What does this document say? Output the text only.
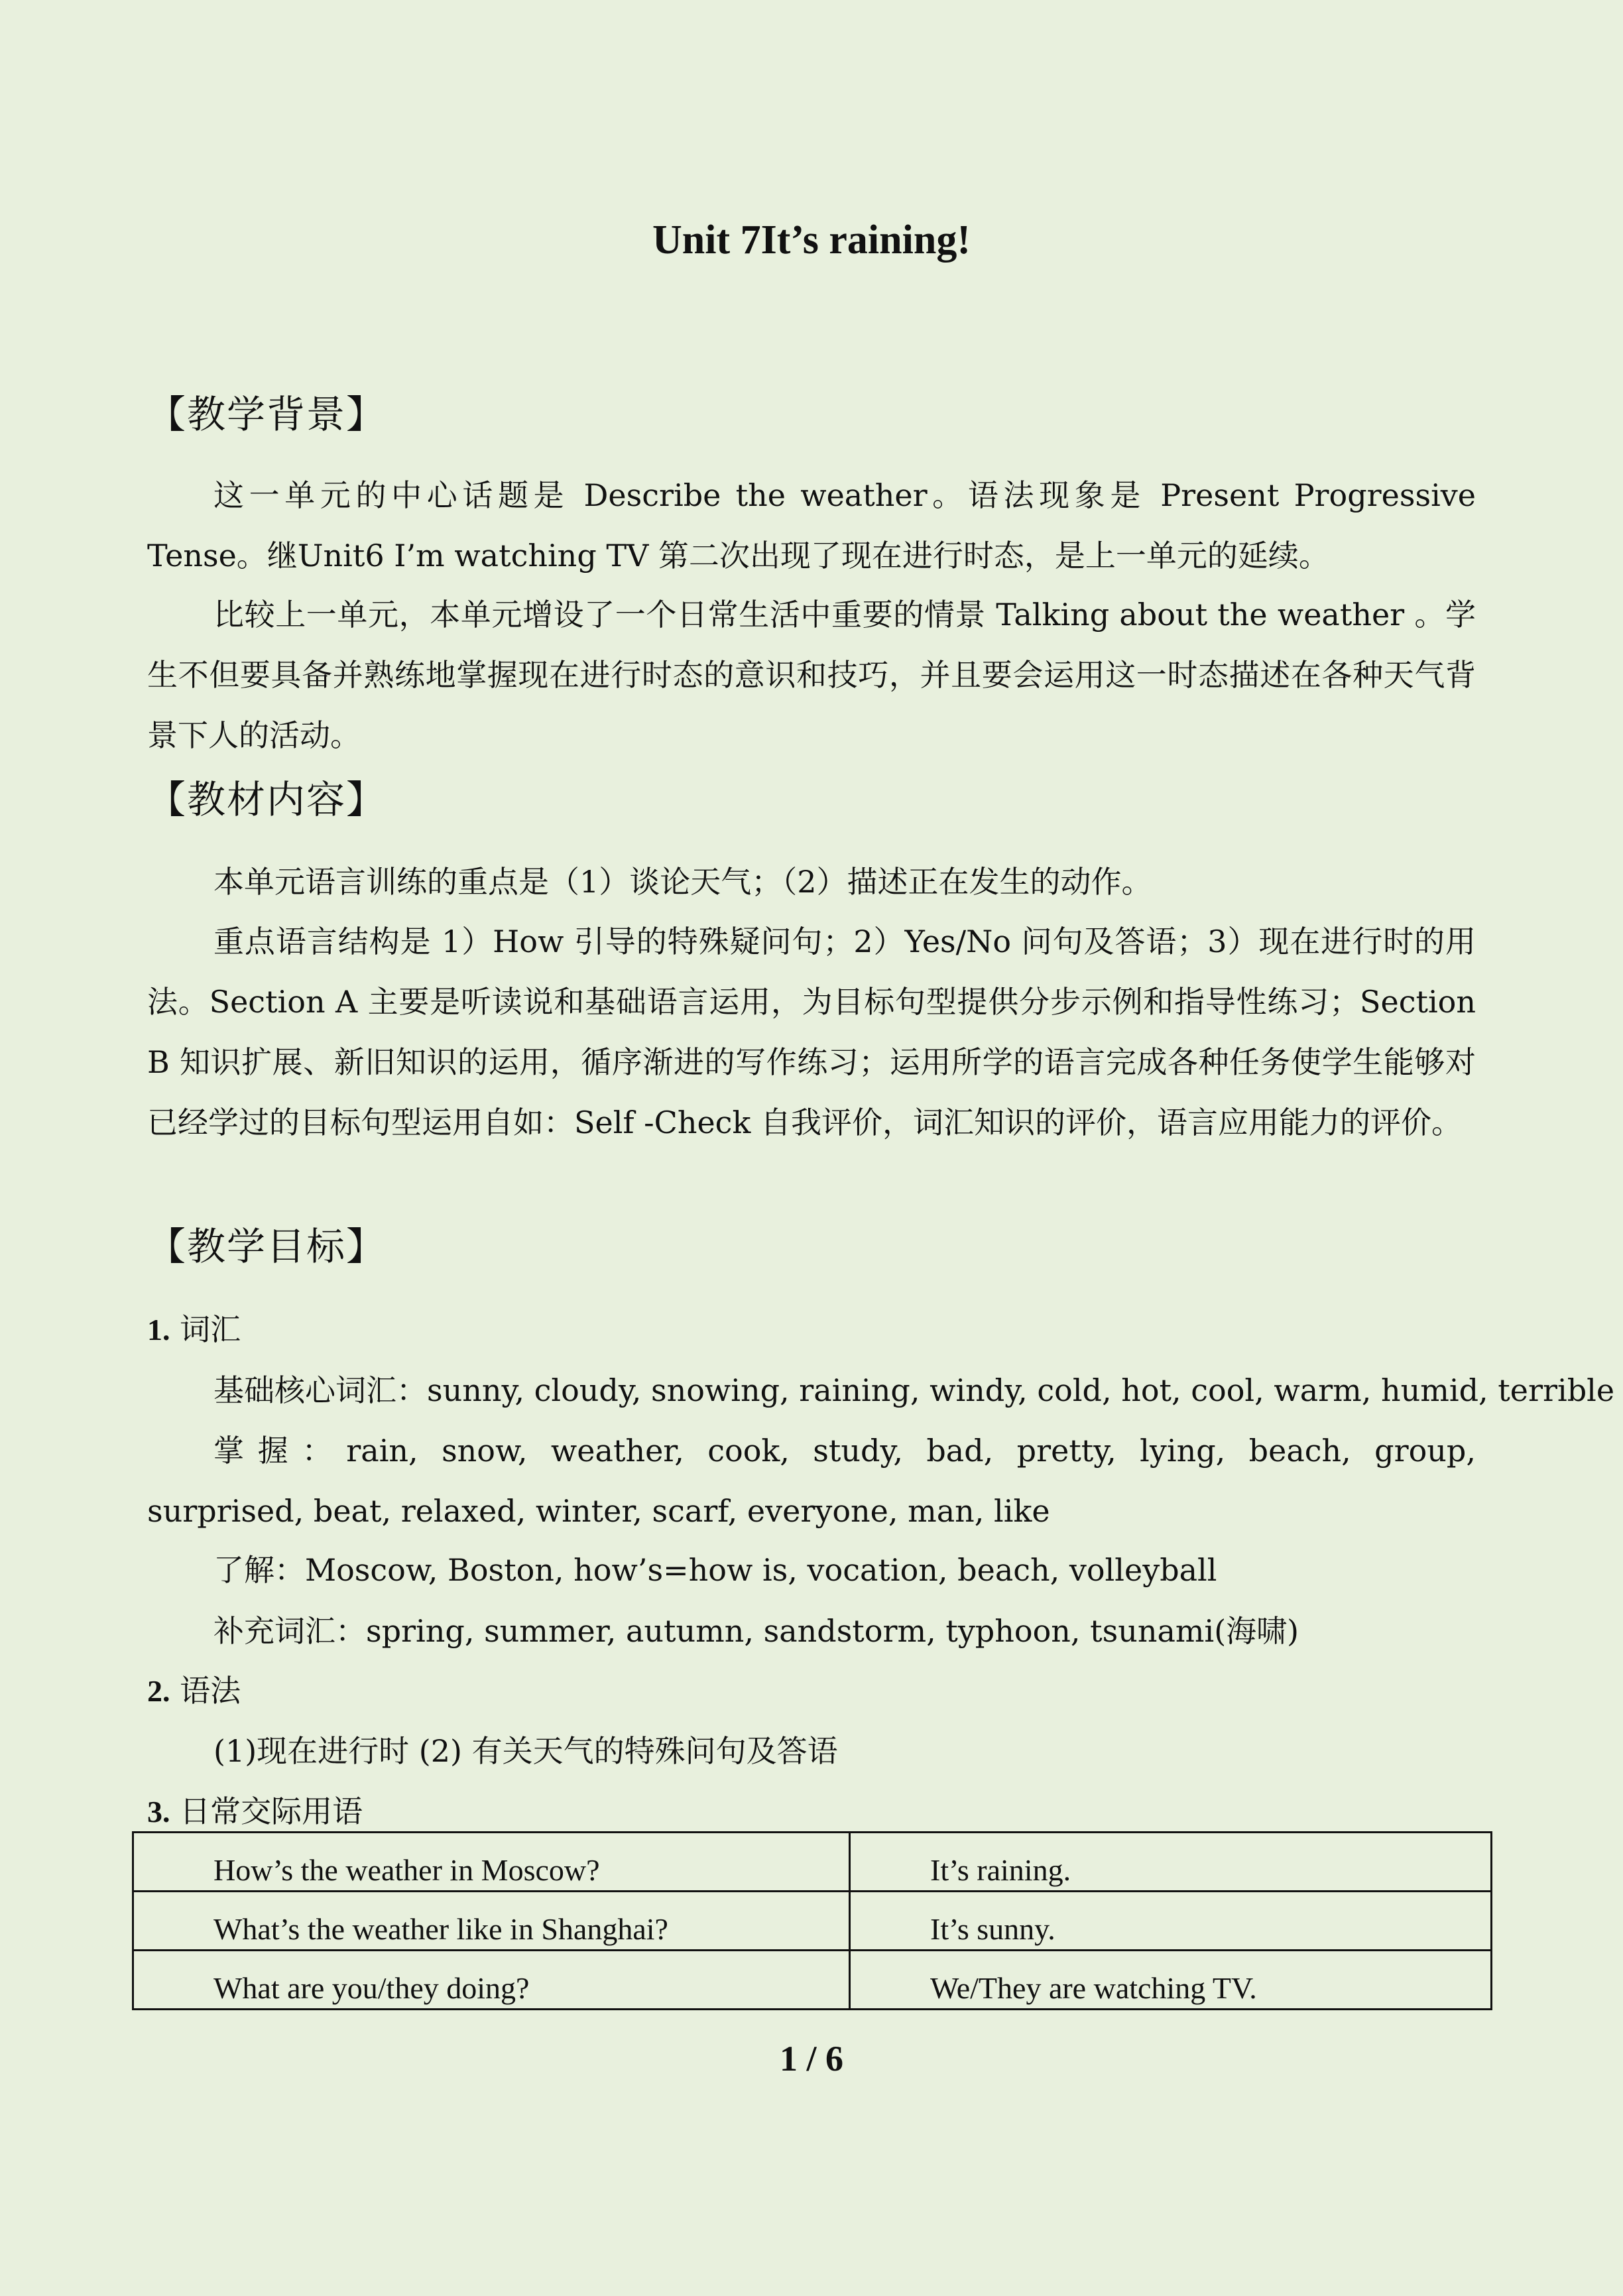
Unit 7It’s raining!
【教学背景】
这一单元的中心话题是 Describe the weather。语法现象是 Present Progressive Tense。继Unit6 I’m watching TV 第二次出现了现在进行时态，是上一单元的延续。
比较上一单元，本单元增设了一个日常生活中重要的情景 Talking about the weather 。学生不但要具备并熟练地掌握现在进行时态的意识和技巧，并且要会运用这一时态描述在各种天气背景下人的活动。
【教材内容】
本单元语言训练的重点是（1）谈论天气；（2）描述正在发生的动作。
重点语言结构是 1）How 引导的特殊疑问句；2）Yes/No 问句及答语；3）现在进行时的用法。Section A 主要是听读说和基础语言运用，为目标句型提供分步示例和指导性练习；Section B 知识扩展、新旧知识的运用，循序渐进的写作练习；运用所学的语言完成各种任务使学生能够对已经学过的目标句型运用自如：Self -Check 自我评价，词汇知识的评价，语言应用能力的评价。
【教学目标】
1. 词汇
基础核心词汇：sunny, cloudy, snowing, raining, windy, cold, hot, cool, warm, humid, terrible
掌握：rain, snow, weather, cook, study, bad, pretty, lying, beach, group, surprised, beat, relaxed, winter, scarf, everyone, man, like
了解：Moscow, Boston, how’s=how is, vocation, beach, volleyball
补充词汇：spring, summer, autumn, sandstorm, typhoon, tsunami(海啸)
2. 语法
(1)现在进行时 (2) 有关天气的特殊问句及答语
3. 日常交际用语
How’s the weather in Moscow?	It’s raining.

What’s the weather like in Shanghai?	It’s sunny.

What are you/they doing?	We/They are watching TV.
1 / 6
